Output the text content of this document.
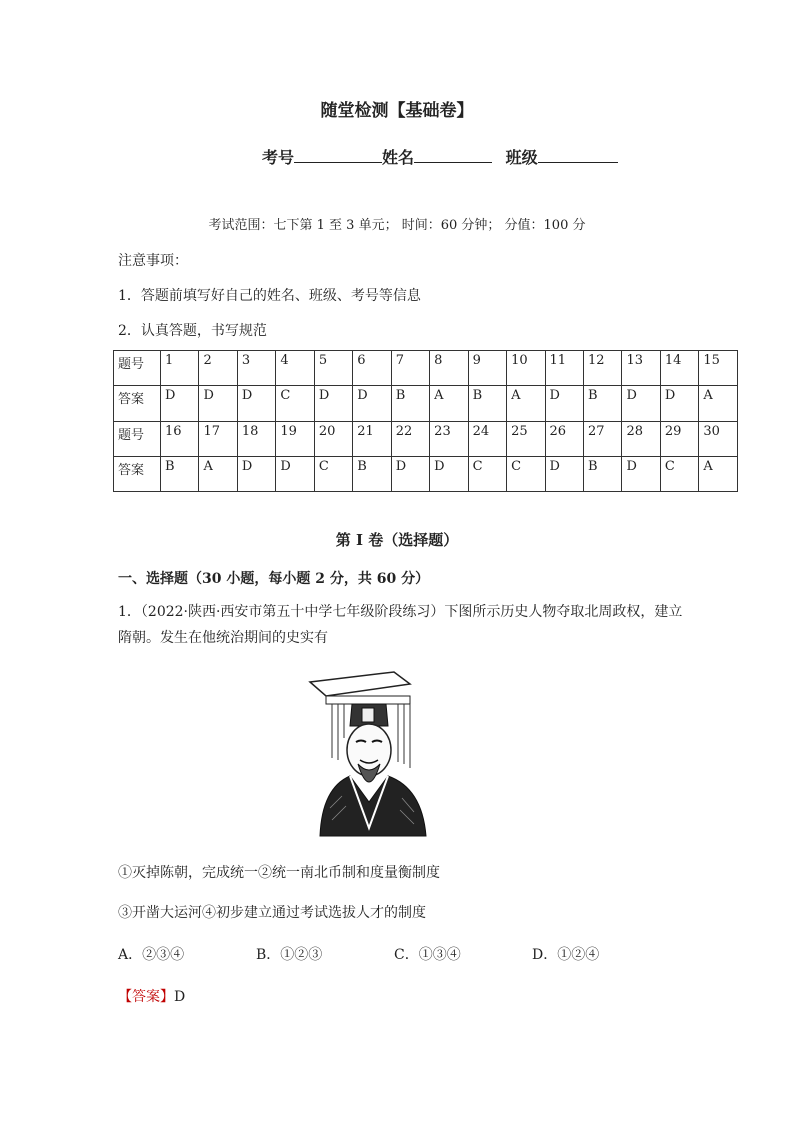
随堂检测【基础卷】
考号	姓名	班级
考试范围：七下第 1 至 3 单元； 时间：60 分钟； 分值：100 分
注意事项：
1．答题前填写好自己的姓名、班级、考号等信息
2．认真答题，书写规范
题号	1	2	3	4	5	6	7	8	9	10	11	12	13	14	15
答案	D	D	D	C	D	D	B	A	B	A	D	B	D	D	A
题号	16	17	18	19	20	21	22	23	24	25	26	27	28	29	30
答案	B	A	D	D	C	B	D	D	C	C	D	B	D	C	A
第 I 卷（选择题）
一、选择题（30 小题，每小题 2 分，共 60 分）
1．（2022·陕西·西安市第五十中学七年级阶段练习）下图所示历史人物夺取北周政权，建立隋朝。发生在他统治期间的史实有
①灭掉陈朝，完成统一②统一南北币制和度量衡制度
③开凿大运河④初步建立通过考试选拔人才的制度
A．②③④	B．①②③	C．①③④	D．①②④
【答案】D
